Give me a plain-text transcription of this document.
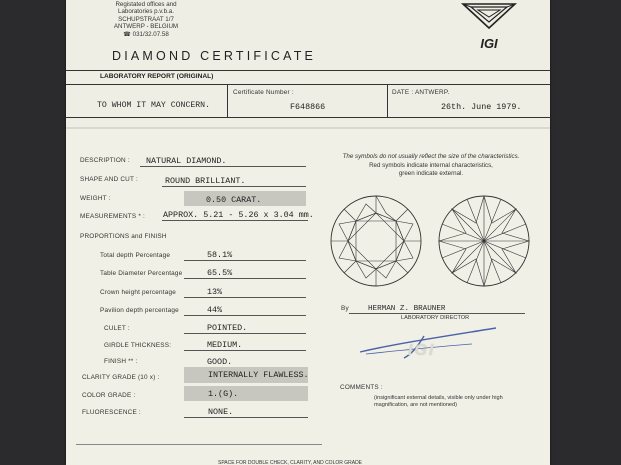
Registated offices and
Laboratories p.v.b.a.
SCHUPSTRAAT 1/7
ANTWERP - BELGIUM
☎ 031/32.07.58
IGI
DIAMOND CERTIFICATE
LABORATORY REPORT (ORIGINAL)
TO WHOM IT MAY CONCERN.
Certificate Number :
F648866
DATE : ANTWERP.
26th. June 1979.
DESCRIPTION : NATURAL DIAMOND.
SHAPE AND CUT :	ROUND BRILLIANT.
WEIGHT :	0.50 CARAT.
MEASUREMENTS * : APPROX. 5.21 - 5.26 x 3.04 mm.
PROPORTIONS and FINISH
Total depth Percentage	58.1%
Table Diameter Percentage	65.5%
Crown height percentage	13%
Pavilion depth percentage	44%
CULET :	POINTED.
GIRDLE THICKNESS:	MEDIUM.
FINISH ** :	GOOD.
CLARITY GRADE (10 x) :	INTERNALLY FLAWLESS.
COLOR GRADE :	1.(G).
FLUORESCENCE :	NONE.
The symbols do not usually reflect the size of the characteristics.
Red symbols indicate internal characteristics,
green indicate external.
By	HERMAN Z. BRAUNER
LABORATORY DIRECTOR
IGI
COMMENTS :
(insignificant external details, visible only under high
magnification, are not mentioned)
SPACE FOR DOUBLE CHECK, CLARITY, AND COLOR GRADE
